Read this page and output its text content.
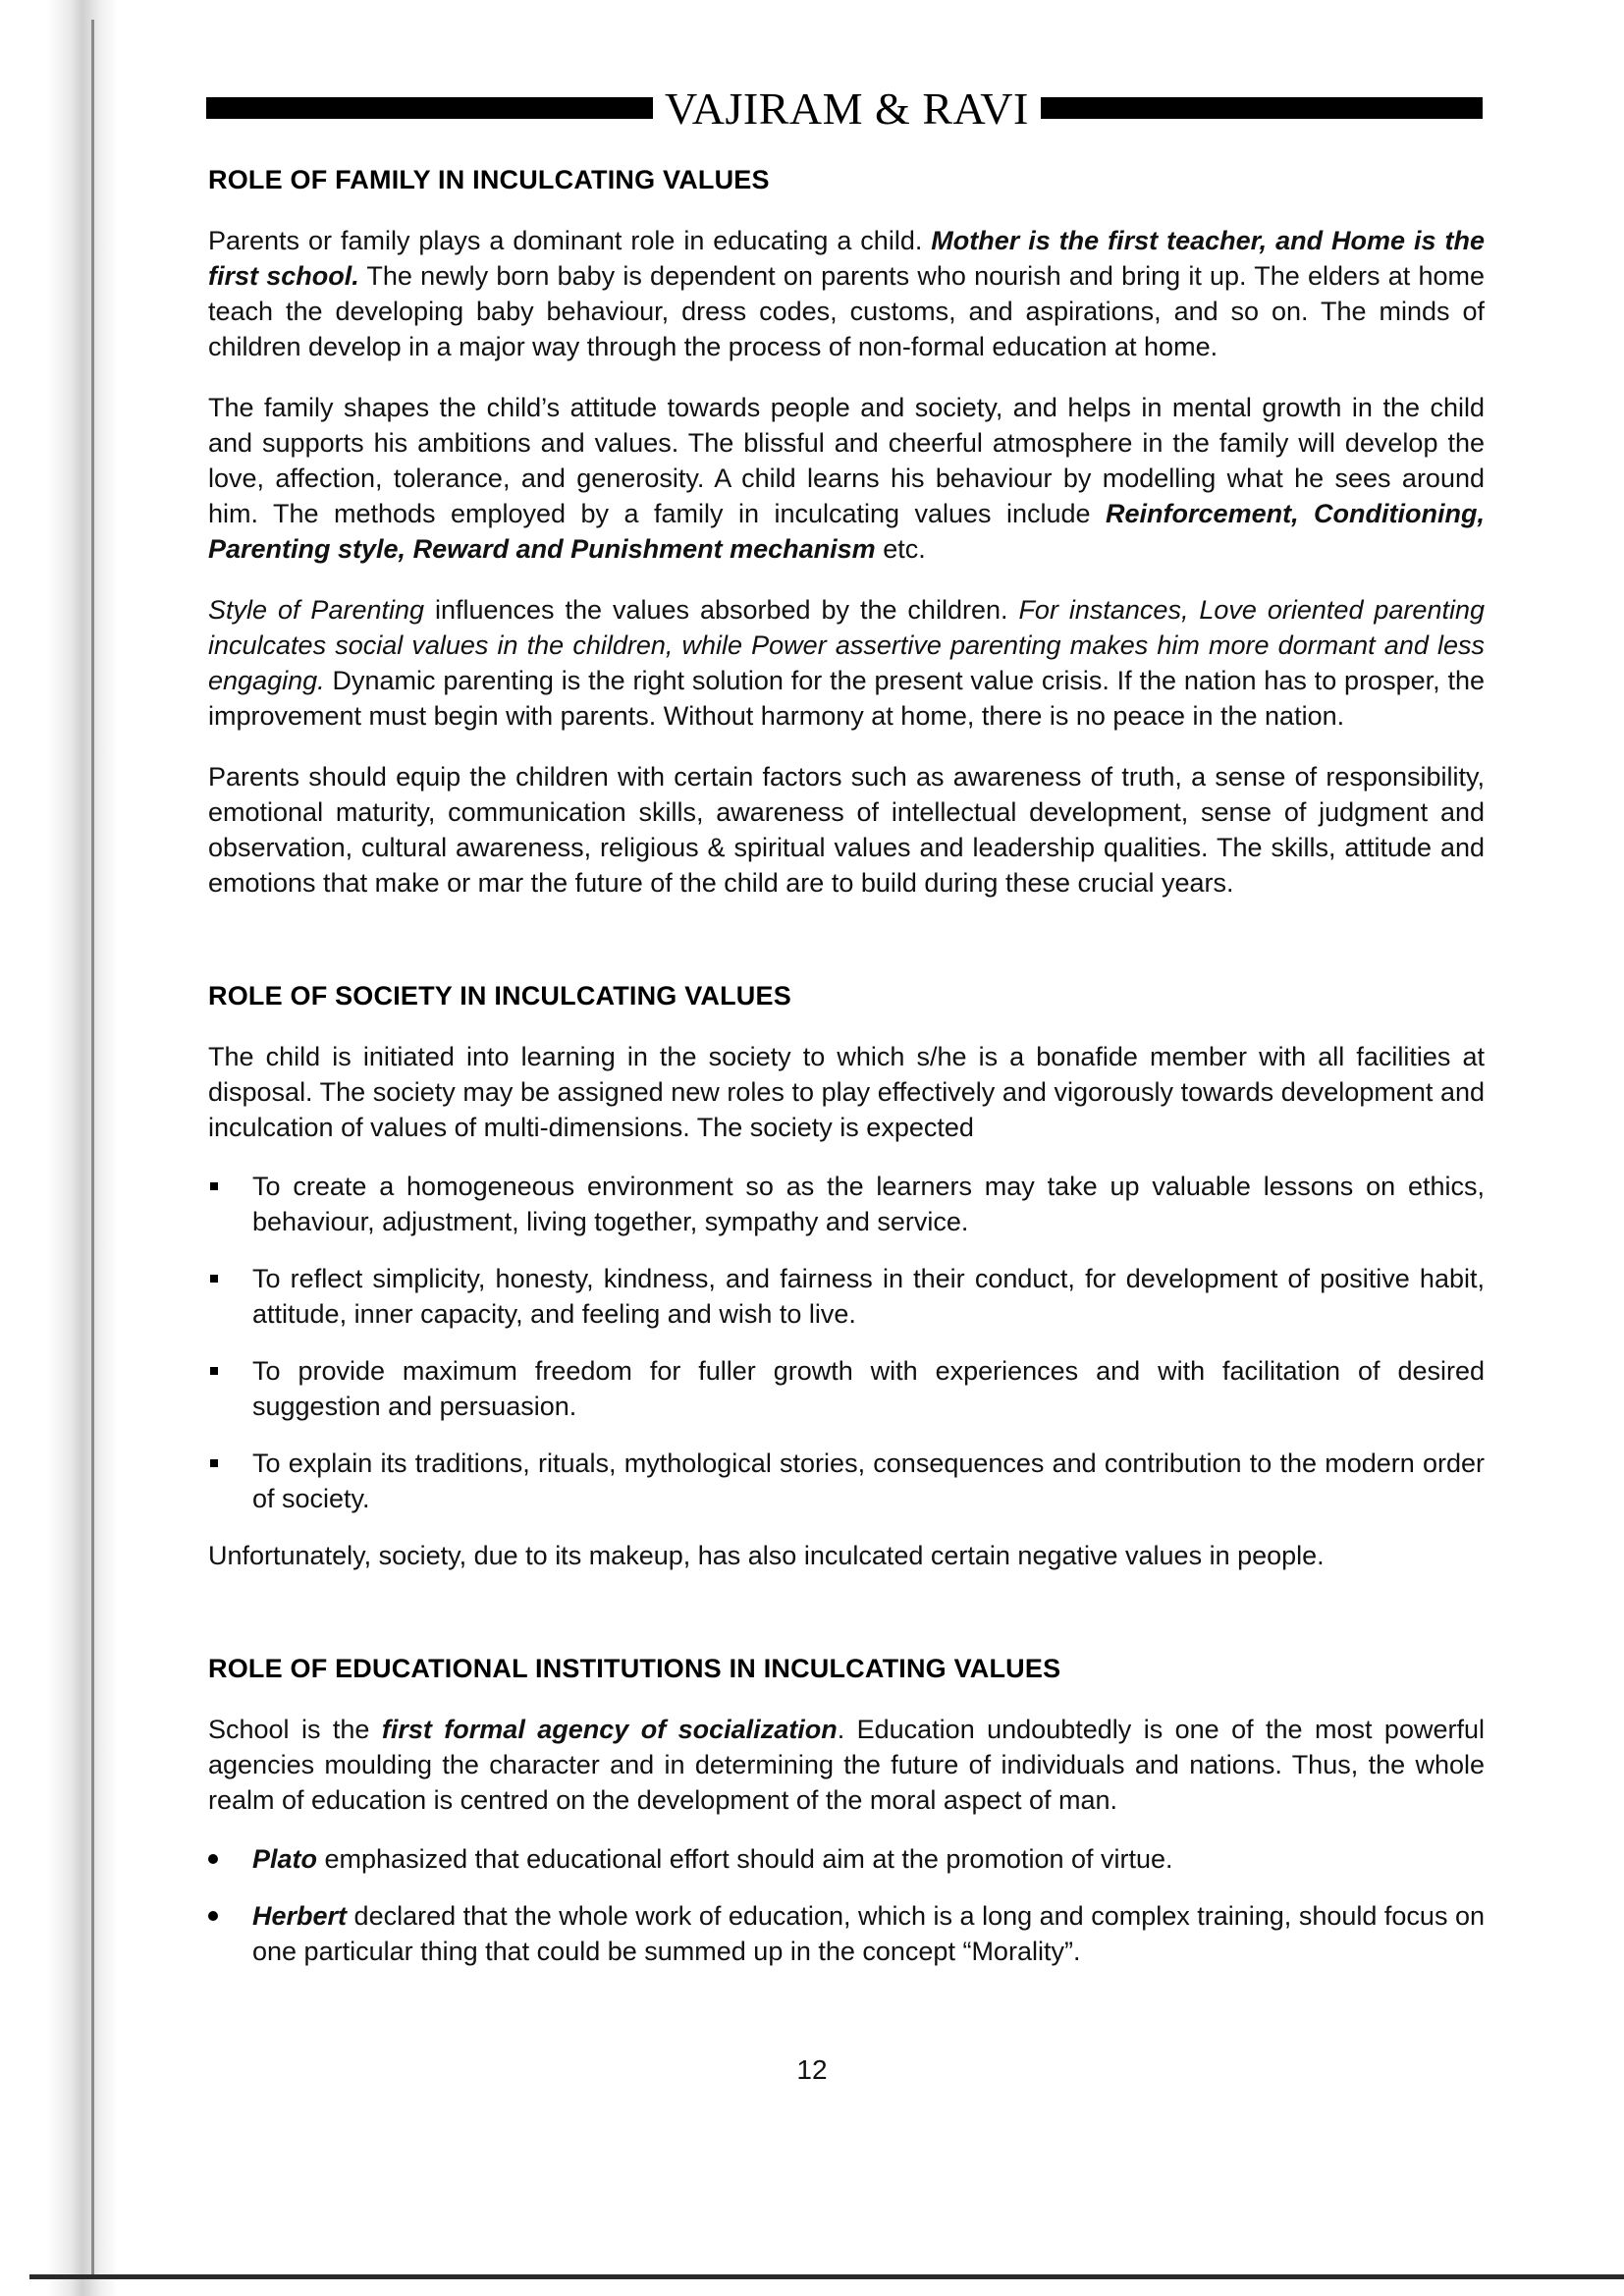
VAJIRAM & RAVI
ROLE OF FAMILY IN INCULCATING VALUES

Parents or family plays a dominant role in educating a child. Mother is the first teacher, and Home is the first school. The newly born baby is dependent on parents who nourish and bring it up. The elders at home teach the developing baby behaviour, dress codes, customs, and aspirations, and so on. The minds of children develop in a major way through the process of non-formal education at home.

The family shapes the child’s attitude towards people and society, and helps in mental growth in the child and supports his ambitions and values. The blissful and cheerful atmosphere in the family will develop the love, affection, tolerance, and generosity. A child learns his behaviour by modelling what he sees around him. The methods employed by a family in inculcating values include Reinforcement, Conditioning, Parenting style, Reward and Punishment mechanism etc.

Style of Parenting influences the values absorbed by the children. For instances, Love oriented parenting inculcates social values in the children, while Power assertive parenting makes him more dormant and less engaging. Dynamic parenting is the right solution for the present value crisis. If the nation has to prosper, the improvement must begin with parents. Without harmony at home, there is no peace in the nation.

Parents should equip the children with certain factors such as awareness of truth, a sense of responsibility, emotional maturity, communication skills, awareness of intellectual development, sense of judgment and observation, cultural awareness, religious & spiritual values and leadership qualities. The skills, attitude and emotions that make or mar the future of the child are to build during these crucial years.

ROLE OF SOCIETY IN INCULCATING VALUES

The child is initiated into learning in the society to which s/he is a bonafide member with all facilities at disposal. The society may be assigned new roles to play effectively and vigorously towards development and inculcation of values of multi-dimensions. The society is expected

To create a homogeneous environment so as the learners may take up valuable lessons on ethics, behaviour, adjustment, living together, sympathy and service.
To reflect simplicity, honesty, kindness, and fairness in their conduct, for development of positive habit, attitude, inner capacity, and feeling and wish to live.
To provide maximum freedom for fuller growth with experiences and with facilitation of desired suggestion and persuasion.
To explain its traditions, rituals, mythological stories, consequences and contribution to the modern order of society.

Unfortunately, society, due to its makeup, has also inculcated certain negative values in people.

ROLE OF EDUCATIONAL INSTITUTIONS IN INCULCATING VALUES

School is the first formal agency of socialization. Education undoubtedly is one of the most powerful agencies moulding the character and in determining the future of individuals and nations. Thus, the whole realm of education is centred on the development of the moral aspect of man.

Plato emphasized that educational effort should aim at the promotion of virtue.
Herbert declared that the whole work of education, which is a long and complex training, should focus on one particular thing that could be summed up in the concept “Morality”.
12
